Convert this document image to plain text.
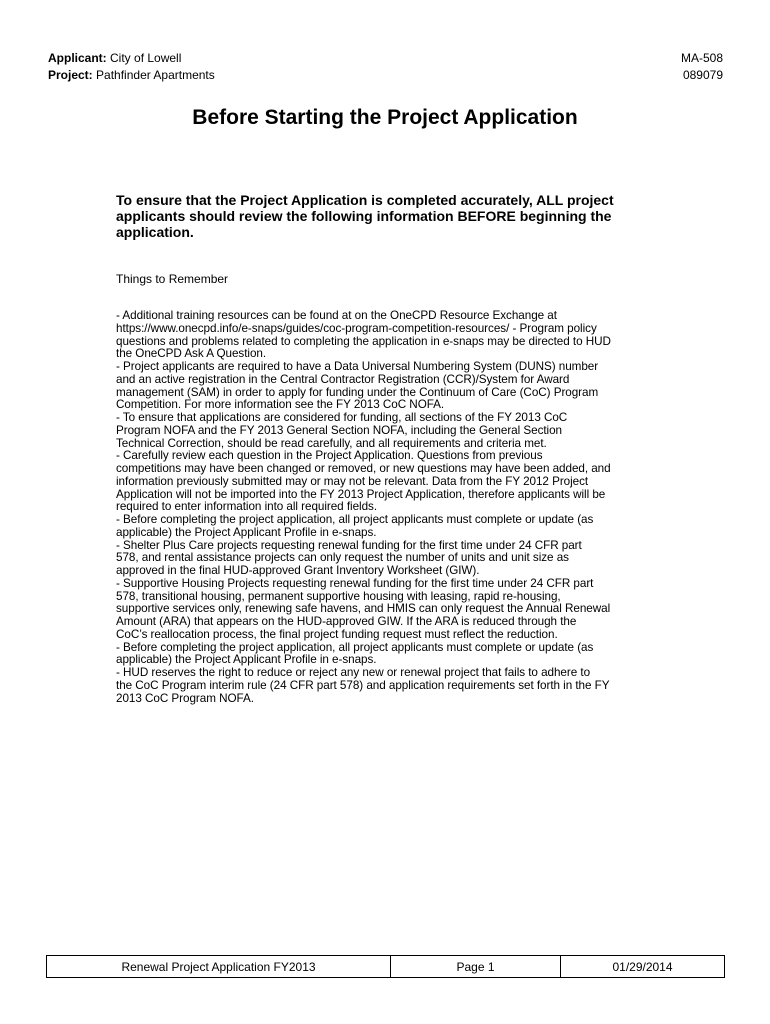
Applicant: City of Lowell	MA-508
Project: Pathfinder Apartments	089079
Before Starting the Project Application
To ensure that the Project Application is completed accurately, ALL project applicants should review the following information BEFORE beginning the application.
Things to Remember
- Additional training resources can be found at on the OneCPD Resource Exchange at
https://www.onecpd.info/e-snaps/guides/coc-program-competition-resources/ - Program policy
questions and problems related to completing the application in e-snaps may be directed to HUD
the OneCPD Ask A Question.
- Project applicants are required to have a Data Universal Numbering System (DUNS) number
and an active registration in the Central Contractor Registration (CCR)/System for Award
management (SAM) in order to apply for funding under the Continuum of Care (CoC) Program
Competition. For more information see the FY 2013 CoC NOFA.
- To ensure that applications are considered for funding, all sections of the FY 2013 CoC
Program NOFA and the FY 2013 General Section NOFA, including the General Section
Technical Correction, should be read carefully, and all requirements and criteria met.
- Carefully review each question in the Project Application. Questions from previous
competitions may have been changed or removed, or new questions may have been added, and
information previously submitted may or may not be relevant. Data from the FY 2012 Project
Application will not be imported into the FY 2013 Project Application, therefore applicants will be
required to enter information into all required fields.
- Before completing the project application, all project applicants must complete or update (as
applicable) the Project Applicant Profile in e-snaps.
- Shelter Plus Care projects requesting renewal funding for the first time under 24 CFR part
578, and rental assistance projects can only request the number of units and unit size as
approved in the final HUD-approved Grant Inventory Worksheet (GIW).
- Supportive Housing Projects requesting renewal funding for the first time under 24 CFR part
578, transitional housing, permanent supportive housing with leasing, rapid re-housing,
supportive services only, renewing safe havens, and HMIS can only request the Annual Renewal
Amount (ARA) that appears on the HUD-approved GIW. If the ARA is reduced through the
CoC’s reallocation process, the final project funding request must reflect the reduction.
- Before completing the project application, all project applicants must complete or update (as
applicable) the Project Applicant Profile in e-snaps.
- HUD reserves the right to reduce or reject any new or renewal project that fails to adhere to
the CoC Program interim rule (24 CFR part 578) and application requirements set forth in the FY
2013 CoC Program NOFA.
Renewal Project Application FY2013	Page 1	01/29/2014
